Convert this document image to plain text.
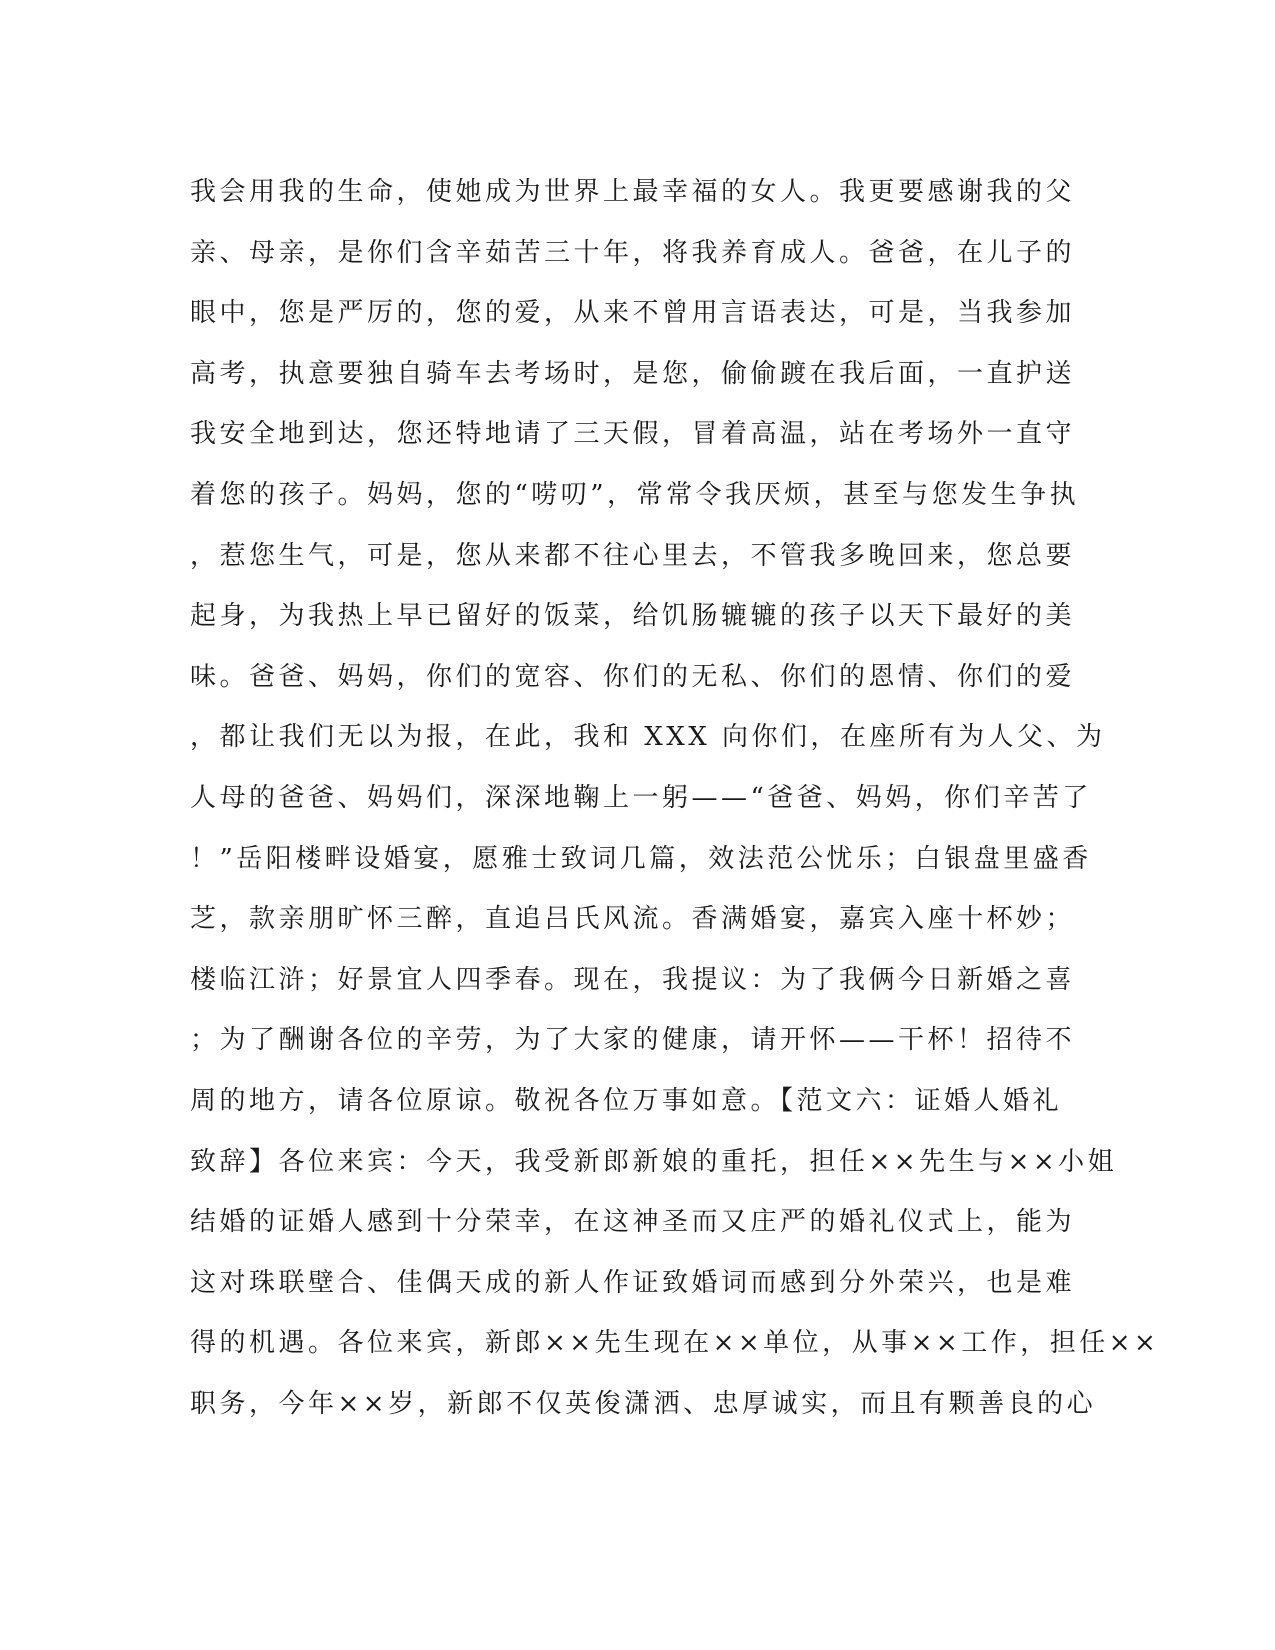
我会用我的生命，使她成为世界上最幸福的女人。我更要感谢我的父
亲、母亲，是你们含辛茹苦三十年，将我养育成人。爸爸，在儿子的
眼中，您是严厉的，您的爱，从来不曾用言语表达，可是，当我参加
高考，执意要独自骑车去考场时，是您，偷偷踱在我后面，一直护送
我安全地到达，您还特地请了三天假，冒着高温，站在考场外一直守
着您的孩子。妈妈，您的“唠叨”，常常令我厌烦，甚至与您发生争执
，惹您生气，可是，您从来都不往心里去，不管我多晚回来，您总要
起身，为我热上早已留好的饭菜，给饥肠辘辘的孩子以天下最好的美
味。爸爸、妈妈，你们的宽容、你们的无私、你们的恩情、你们的爱
，都让我们无以为报，在此，我和 XXX 向你们，在座所有为人父、为
人母的爸爸、妈妈们，深深地鞠上一躬——“爸爸、妈妈，你们辛苦了
！”岳阳楼畔设婚宴，愿雅士致词几篇，效法范公忧乐；白银盘里盛香
芝，款亲朋旷怀三醉，直追吕氏风流。香满婚宴，嘉宾入座十杯妙；
楼临江浒；好景宜人四季春。现在，我提议：为了我俩今日新婚之喜
；为了酬谢各位的辛劳，为了大家的健康，请开怀——干杯！招待不
周的地方，请各位原谅。敬祝各位万事如意。【范文六：证婚人婚礼
致辞】各位来宾：今天，我受新郎新娘的重托，担任××先生与××小姐
结婚的证婚人感到十分荣幸，在这神圣而又庄严的婚礼仪式上，能为
这对珠联壁合、佳偶天成的新人作证致婚词而感到分外荣兴，也是难
得的机遇。各位来宾，新郎××先生现在××单位，从事××工作，担任××
职务，今年××岁，新郎不仅英俊潇洒、忠厚诚实，而且有颗善良的心
